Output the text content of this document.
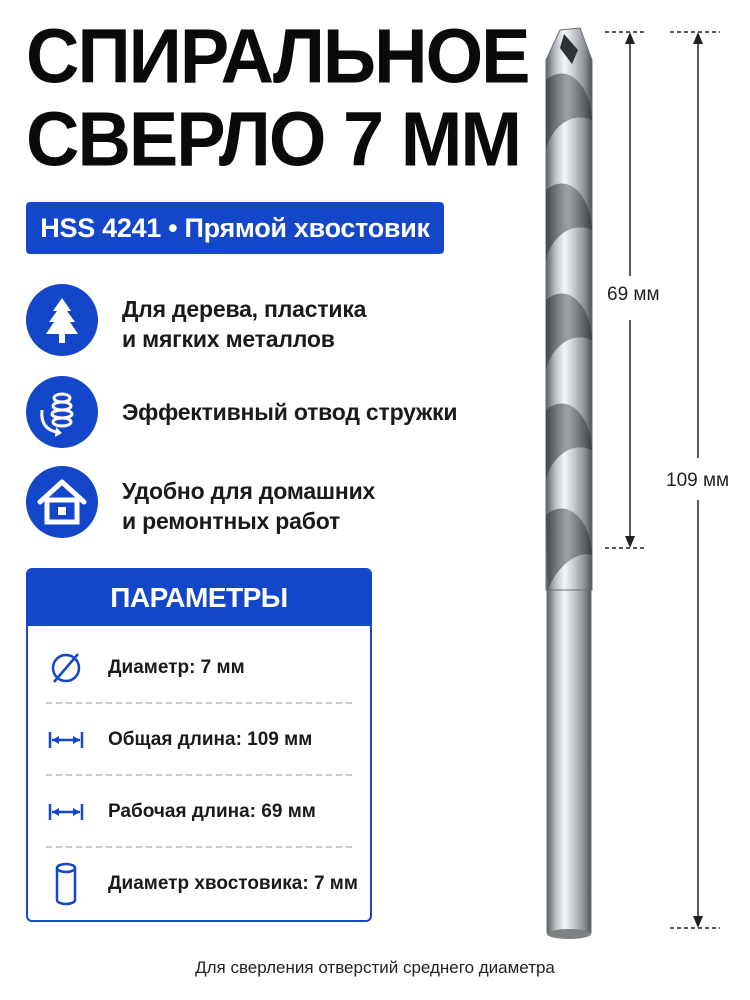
СПИРАЛЬНОЕ
СВЕРЛО 7 ММ
HSS 4241 • Прямой хвостовик
Для дерева, пластика
и мягких металлов
Эффективный отвод стружки
Удобно для домашних
и ремонтных работ
ПАРАМЕТРЫ
Диаметр: 7 мм
Общая длина: 109 мм
Рабочая длина: 69 мм
Диаметр хвостовика: 7 мм
69 мм
109 мм
Для сверления отверстий среднего диаметра
